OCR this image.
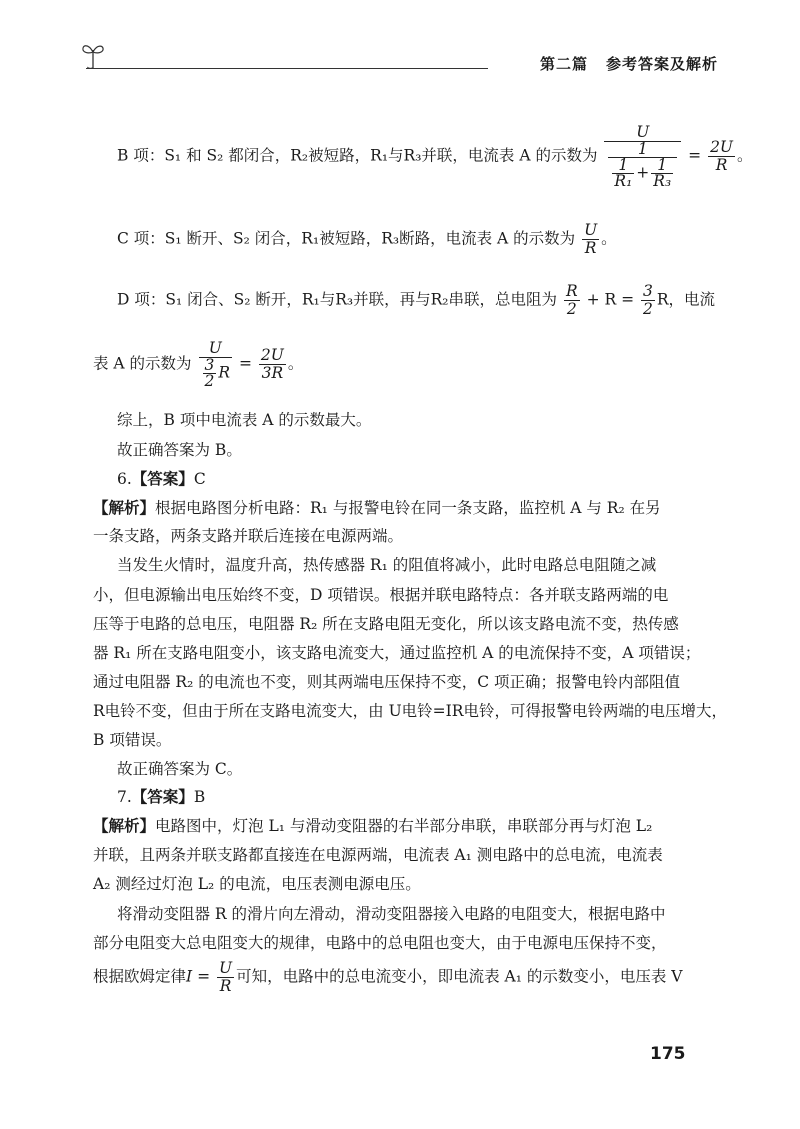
第二篇 参考答案及解析
B 项：S₁ 和 S₂ 都闭合，R₂被短路，R₁与R₃并联，电流表 A 的示数为 $\frac{U}{\frac{1}{\frac{1}{\text{R₁}} + \frac{1}{\text{R₃}}}} = \frac{2U}{R}$ 。
C 项：S₁ 断开、S₂ 闭合，R₁被短路，R₃断路，电流表 A 的示数为 $\frac{U}{R}$ 。
D 项：S₁ 闭合、S₂ 断开，R₁与R₃并联，再与R₂串联，总电阻为 $\frac{R}{2} + R = \frac{3}{2}$ R，电流
表 A 的示数为 $\frac{U}{\frac{3}{2} R} = \frac{2U}{3R}$ 。
综上，B 项中电流表 A 的示数最大。
故正确答案为 B。
6.【答案】C
【解析】根据电路图分析电路：R₁ 与报警电铃在同一条支路，监控机 A 与 R₂ 在另
一条支路，两条支路并联后连接在电源两端。
当发生火情时，温度升高，热传感器 R₁ 的阻值将减小，此时电路总电阻随之减
小，但电源输出电压始终不变，D 项错误。根据并联电路特点：各并联支路两端的电
压等于电路的总电压，电阻器 R₂ 所在支路电阻无变化，所以该支路电流不变，热传感
器 R₁ 所在支路电阻变小，该支路电流变大，通过监控机 A 的电流保持不变，A 项错误；
通过电阻器 R₂ 的电流也不变，则其两端电压保持不变，C 项正确；报警电铃内部阻值
R电铃不变，但由于所在支路电流变大，由 U电铃=IR电铃，可得报警电铃两端的电压增大，
B 项错误。
故正确答案为 C。
7.【答案】B
【解析】电路图中，灯泡 L₁ 与滑动变阻器的右半部分串联，串联部分再与灯泡 L₂
并联，且两条并联支路都直接连在电源两端，电流表 A₁ 测电路中的总电流，电流表
A₂ 测经过灯泡 L₂ 的电流，电压表测电源电压。
将滑动变阻器 R 的滑片向左滑动，滑动变阻器接入电路的电阻变大，根据电路中
部分电阻变大总电阻变大的规律，电路中的总电阻也变大，由于电源电压保持不变，
根据欧姆定律$I = \frac{U}{R}$ 可知，电路中的总电流变小，即电流表 A₁ 的示数变小，电压表 V
175
